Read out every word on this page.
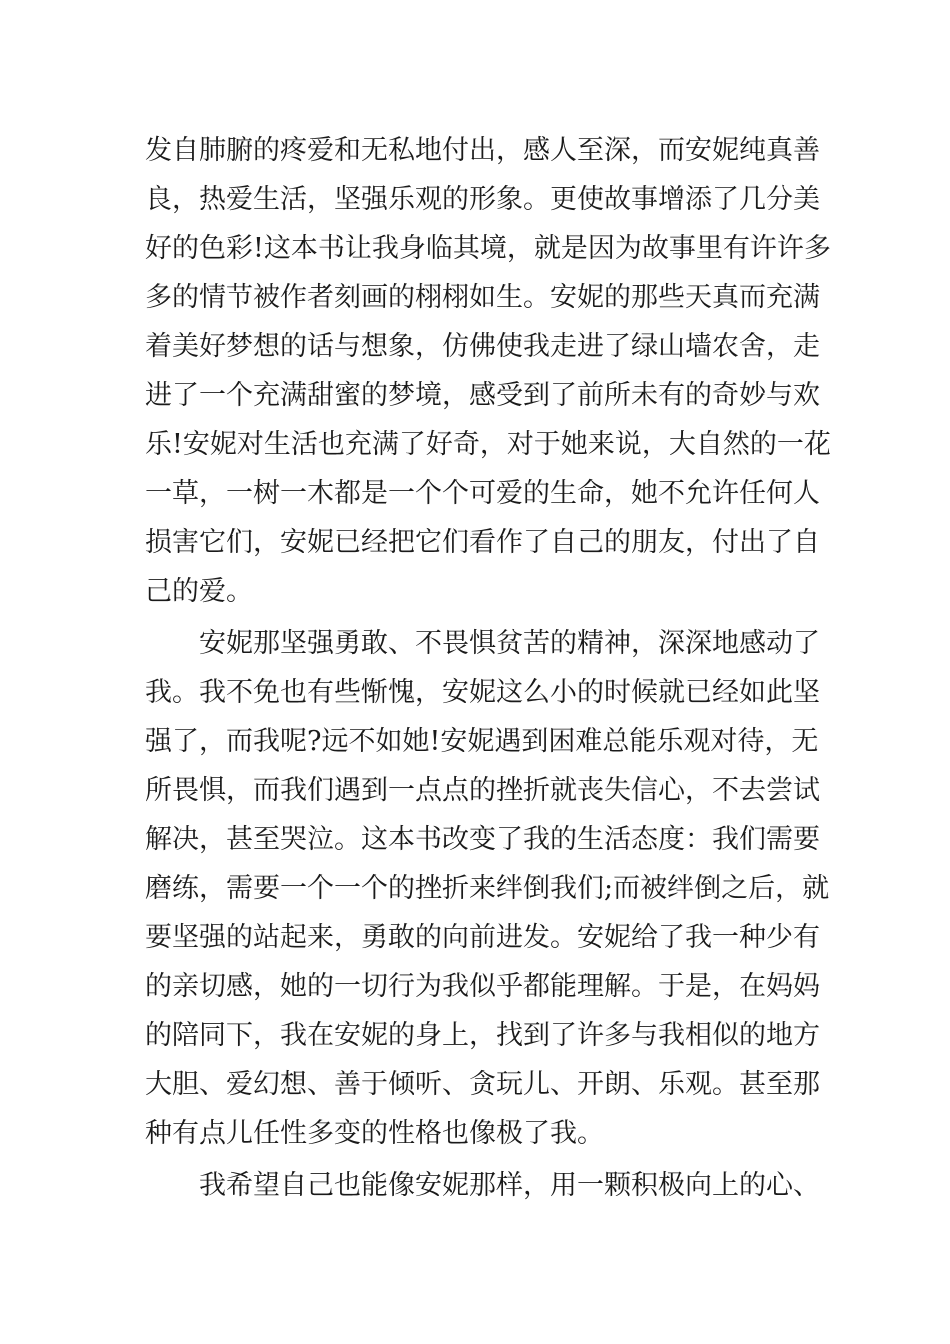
发自肺腑的疼爱和无私地付出，感人至深，而安妮纯真善
良，热爱生活，坚强乐观的形象。更使故事增添了几分美
好的色彩!这本书让我身临其境，就是因为故事里有许许多
多的情节被作者刻画的栩栩如生。安妮的那些天真而充满
着美好梦想的话与想象，仿佛使我走进了绿山墙农舍，走
进了一个充满甜蜜的梦境，感受到了前所未有的奇妙与欢
乐!安妮对生活也充满了好奇，对于她来说，大自然的一花
一草，一树一木都是一个个可爱的生命，她不允许任何人
损害它们，安妮已经把它们看作了自己的朋友，付出了自
己的爱。
安妮那坚强勇敢、不畏惧贫苦的精神，深深地感动了
我。我不免也有些惭愧，安妮这么小的时候就已经如此坚
强了，而我呢?远不如她!安妮遇到困难总能乐观对待，无
所畏惧，而我们遇到一点点的挫折就丧失信心，不去尝试
解决，甚至哭泣。这本书改变了我的生活态度：我们需要
磨练，需要一个一个的挫折来绊倒我们;而被绊倒之后，就
要坚强的站起来，勇敢的向前进发。安妮给了我一种少有
的亲切感，她的一切行为我似乎都能理解。于是，在妈妈
的陪同下，我在安妮的身上，找到了许多与我相似的地方
大胆、爱幻想、善于倾听、贪玩儿、开朗、乐观。甚至那
种有点儿任性多变的性格也像极了我。
我希望自己也能像安妮那样，用一颗积极向上的心、
